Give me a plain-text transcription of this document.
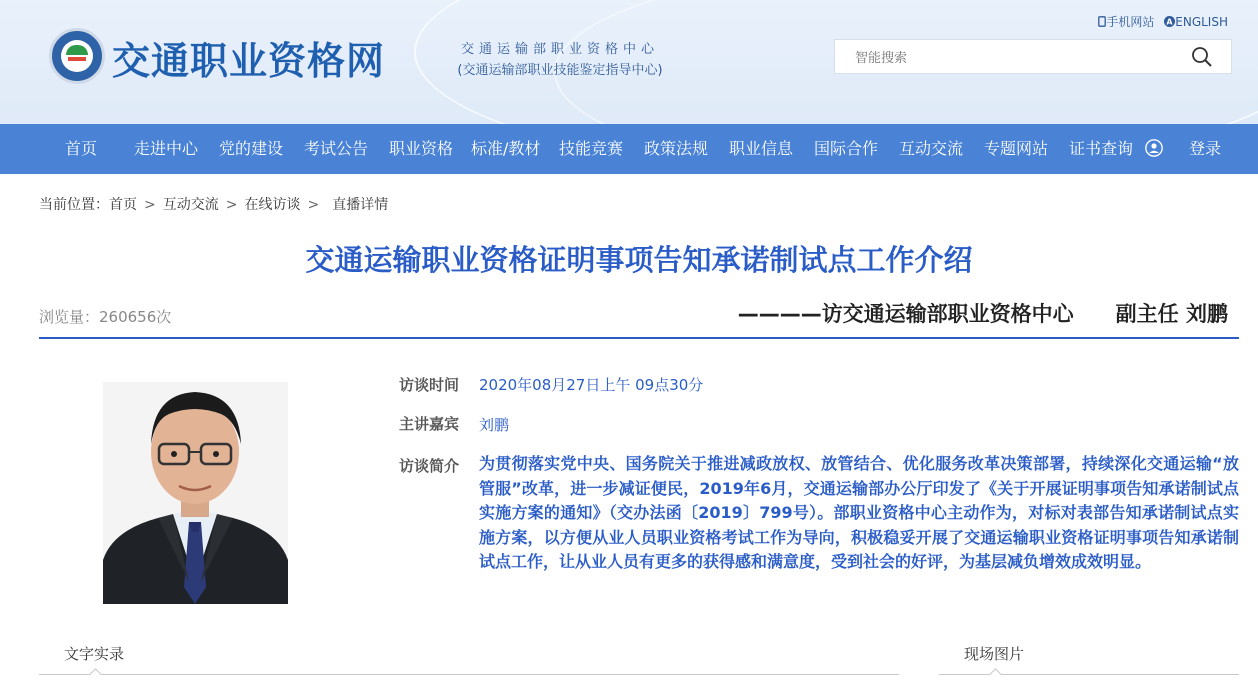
交通职业资格网	交通运输部职业资格中心
(交通运输部职业技能鉴定指导中心)
手机网站 A ENGLISH
智能搜索
首页 走进中心 党的建设 考试公告 职业资格 标准/教材 技能竞赛 政策法规 职业信息 国际合作 互动交流 专题网站 证书查询	登录
当前位置：首页 > 互动交流 > 在线访谈 > 直播详情
交通运输职业资格证明事项告知承诺制试点工作介绍
浏览量：260656次	————访交通运输部职业资格中心　　副主任 刘鹏
访谈时间 2020年08月27日上午 09点30分
主讲嘉宾 刘鹏
访谈简介 为贯彻落实党中央、国务院关于推进减政放权、放管结合、优化服务改革决策部署，持续深化交通运输“放管服”改革，进一步减证便民，2019年6月，交通运输部办公厅印发了《关于开展证明事项告知承诺制试点实施方案的通知》（交办法函〔2019〕799号）。部职业资格中心主动作为，对标对表部告知承诺制试点实施方案，以方便从业人员职业资格考试工作为导向，积极稳妥开展了交通运输职业资格证明事项告知承诺制试点工作，让从业人员有更多的获得感和满意度，受到社会的好评，为基层减负增效成效明显。
文字实录	现场图片
